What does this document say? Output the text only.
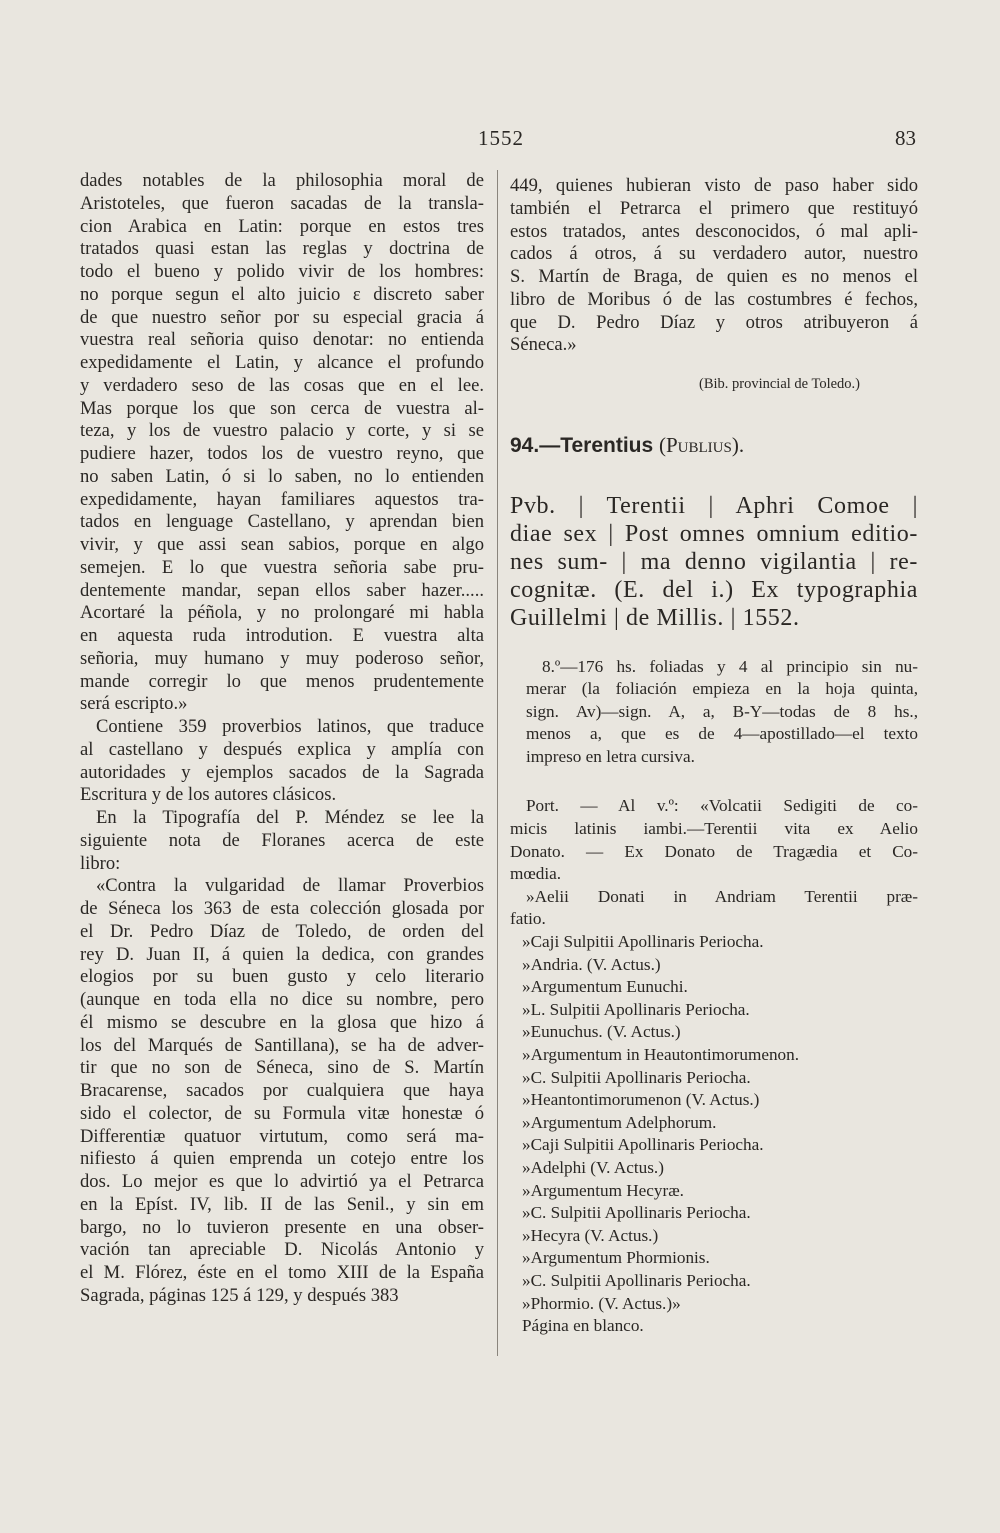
1552	83
dades notables de la philosophia moral de
Aristoteles, que fueron sacadas de la transla-
cion Arabica en Latin: porque en estos tres
tratados quasi estan las reglas y doctrina de
todo el bueno y polido vivir de los hombres:
no porque segun el alto juicio ɛ discreto saber
de que nuestro señor por su especial gracia á
vuestra real señoria quiso denotar: no entienda
expedidamente el Latin, y alcance el profundo
y verdadero seso de las cosas que en el lee.
Mas porque los que son cerca de vuestra al-
teza, y los de vuestro palacio y corte, y si se
pudiere hazer, todos los de vuestro reyno, que
no saben Latin, ó si lo saben, no lo entienden
expedidamente, hayan familiares aquestos tra-
tados en lenguage Castellano, y aprendan bien
vivir, y que assi sean sabios, porque en algo
semejen. E lo que vuestra señoria sabe pru-
dentemente mandar, sepan ellos saber hazer.....
Acortaré la péñola, y no prolongaré mi habla
en aquesta ruda introdution. E vuestra alta
señoria, muy humano y muy poderoso señor,
mande corregir lo que menos prudentemente
será escripto.»
Contiene 359 proverbios latinos, que traduce
al castellano y después explica y amplía con
autoridades y ejemplos sacados de la Sagrada
Escritura y de los autores clásicos.
En la Tipografía del P. Méndez se lee la
siguiente nota de Floranes acerca de este
libro:
«Contra la vulgaridad de llamar Proverbios
de Séneca los 363 de esta colección glosada por
el Dr. Pedro Díaz de Toledo, de orden del
rey D. Juan II, á quien la dedica, con grandes
elogios por su buen gusto y celo literario
(aunque en toda ella no dice su nombre, pero
él mismo se descubre en la glosa que hizo á
los del Marqués de Santillana), se ha de adver-
tir que no son de Séneca, sino de S. Martín
Bracarense, sacados por cualquiera que haya
sido el colector, de su Formula vitæ honestæ ó
Differentiæ quatuor virtutum, como será ma-
nifiesto á quien emprenda un cotejo entre los
dos. Lo mejor es que lo advirtió ya el Petrarca
en la Epíst. IV, lib. II de las Senil., y sin em
bargo, no lo tuvieron presente en una obser-
vación tan apreciable D. Nicolás Antonio y
el M. Flórez, éste en el tomo XIII de la España
Sagrada, páginas 125 á 129, y después 383
449, quienes hubieran visto de paso haber sido
también el Petrarca el primero que restituyó
estos tratados, antes desconocidos, ó mal apli-
cados á otros, á su verdadero autor, nuestro
S. Martín de Braga, de quien es no menos el
libro de Moribus ó de las costumbres é fechos,
que D. Pedro Díaz y otros atribuyeron á
Séneca.»
(Bib. provincial de Toledo.)
94.—Terentius (Publius).
Pvb. | Terentii | Aphri Comoe |
diae sex | Post omnes omnium editio-
nes sum- | ma denno vigilantia | re-
cognitæ. (E. del i.) Ex typographia
Guillelmi | de Millis. | 1552.
8.º—176 hs. foliadas y 4 al principio sin nu-
merar (la foliación empieza en la hoja quinta,
sign. Av)—sign. A, a, B-Y—todas de 8 hs.,
menos a, que es de 4—apostillado—el texto
impreso en letra cursiva.
Port. — Al v.º: «Volcatii Sedigiti de co-
micis latinis iambi.—Terentii vita ex Aelio
Donato. — Ex Donato de Tragædia et Co-
mœdia.
»Aelii Donati in Andriam Terentii præ-
fatio.
»Caji Sulpitii Apollinaris Periocha.
»Andria. (V. Actus.)
»Argumentum Eunuchi.
»L. Sulpitii Apollinaris Periocha.
»Eunuchus. (V. Actus.)
»Argumentum in Heautontimorumenon.
»C. Sulpitii Apollinaris Periocha.
»Heantontimorumenon (V. Actus.)
»Argumentum Adelphorum.
»Caji Sulpitii Apollinaris Periocha.
»Adelphi (V. Actus.)
»Argumentum Hecyræ.
»C. Sulpitii Apollinaris Periocha.
»Hecyra (V. Actus.)
»Argumentum Phormionis.
»C. Sulpitii Apollinaris Periocha.
»Phormio. (V. Actus.)»
Página en blanco.
